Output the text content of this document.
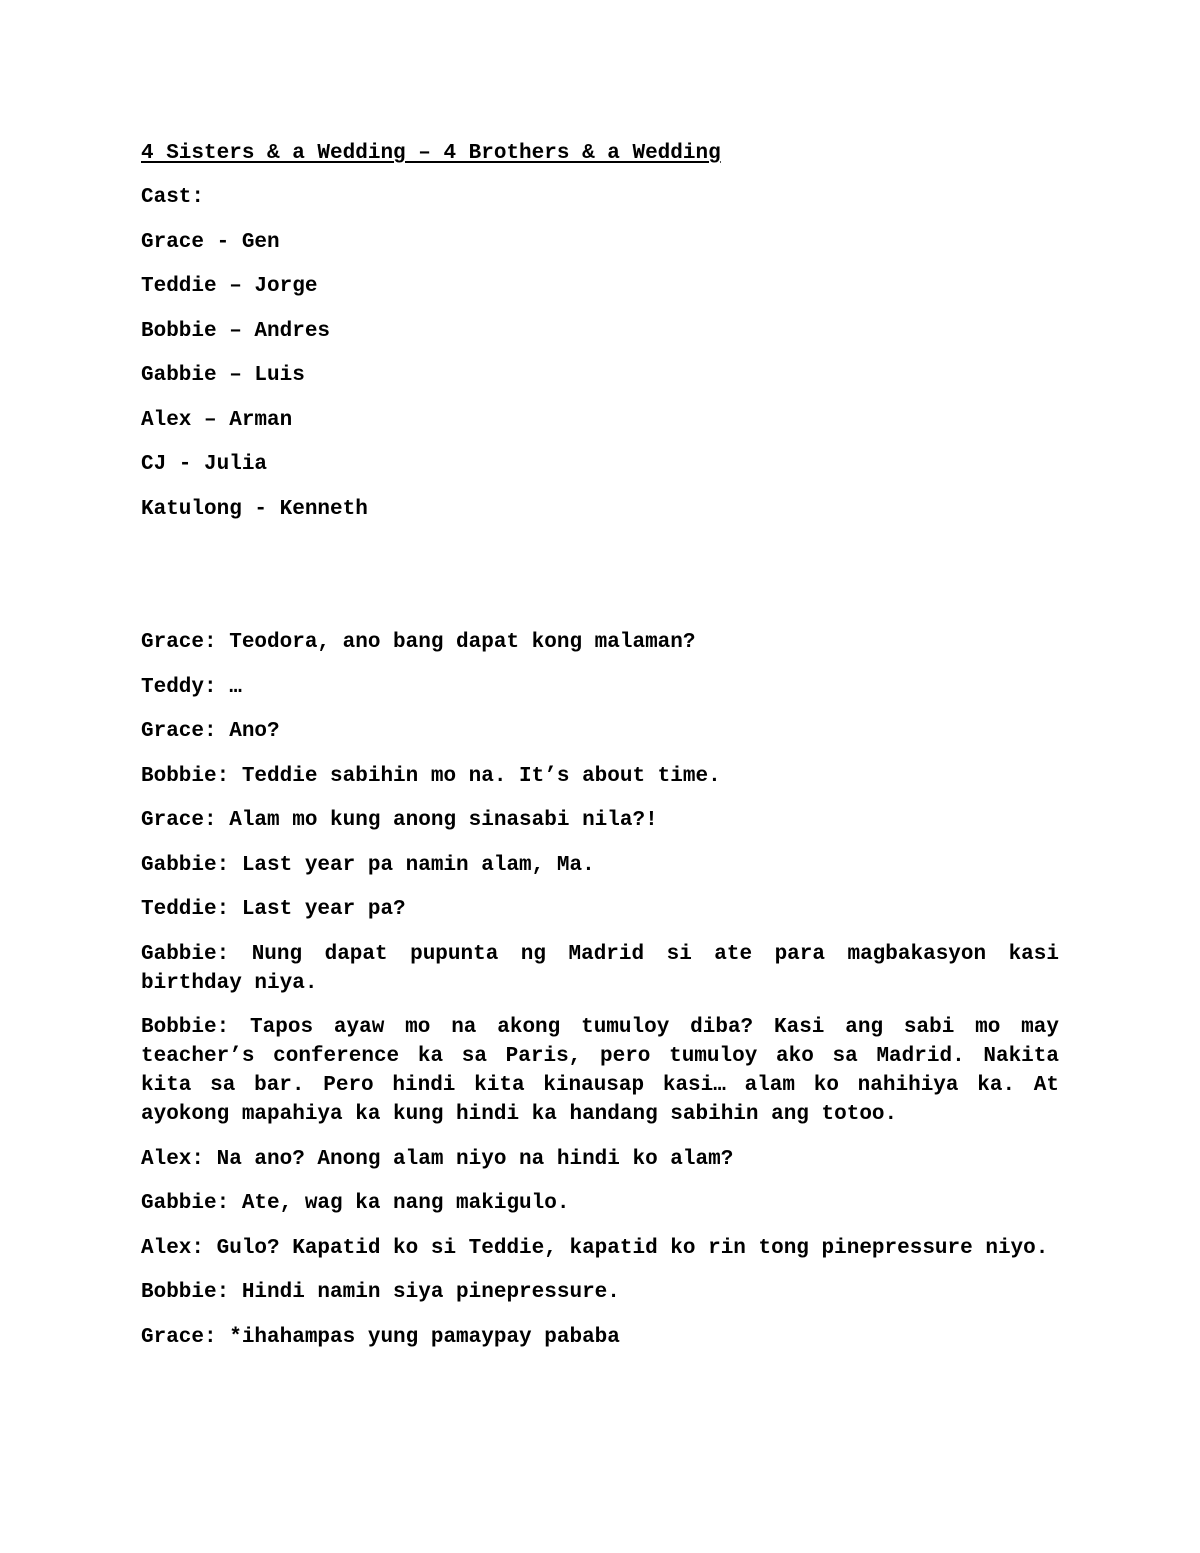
4 Sisters & a Wedding – 4 Brothers & a Wedding

Cast:

Grace - Gen

Teddie – Jorge

Bobbie – Andres

Gabbie – Luis

Alex – Arman

CJ - Julia

Katulong - Kenneth

Grace: Teodora, ano bang dapat kong malaman?

Teddy: …

Grace: Ano?

Bobbie: Teddie sabihin mo na. It’s about time.

Grace: Alam mo kung anong sinasabi nila?!

Gabbie: Last year pa namin alam, Ma.

Teddie: Last year pa?

Gabbie: Nung dapat pupunta ng Madrid si ate para magbakasyon kasi birthday niya.

Bobbie: Tapos ayaw mo na akong tumuloy diba? Kasi ang sabi mo may teacher’s conference ka sa Paris, pero tumuloy ako sa Madrid. Nakita kita sa bar. Pero hindi kita kinausap kasi… alam ko nahihiya ka. At ayokong mapahiya ka kung hindi ka handang sabihin ang totoo.

Alex: Na ano? Anong alam niyo na hindi ko alam?

Gabbie: Ate, wag ka nang makigulo.

Alex: Gulo? Kapatid ko si Teddie, kapatid ko rin tong pinepressure niyo.

Bobbie: Hindi namin siya pinepressure.

Grace: *ihahampas yung pamaypay pababa
